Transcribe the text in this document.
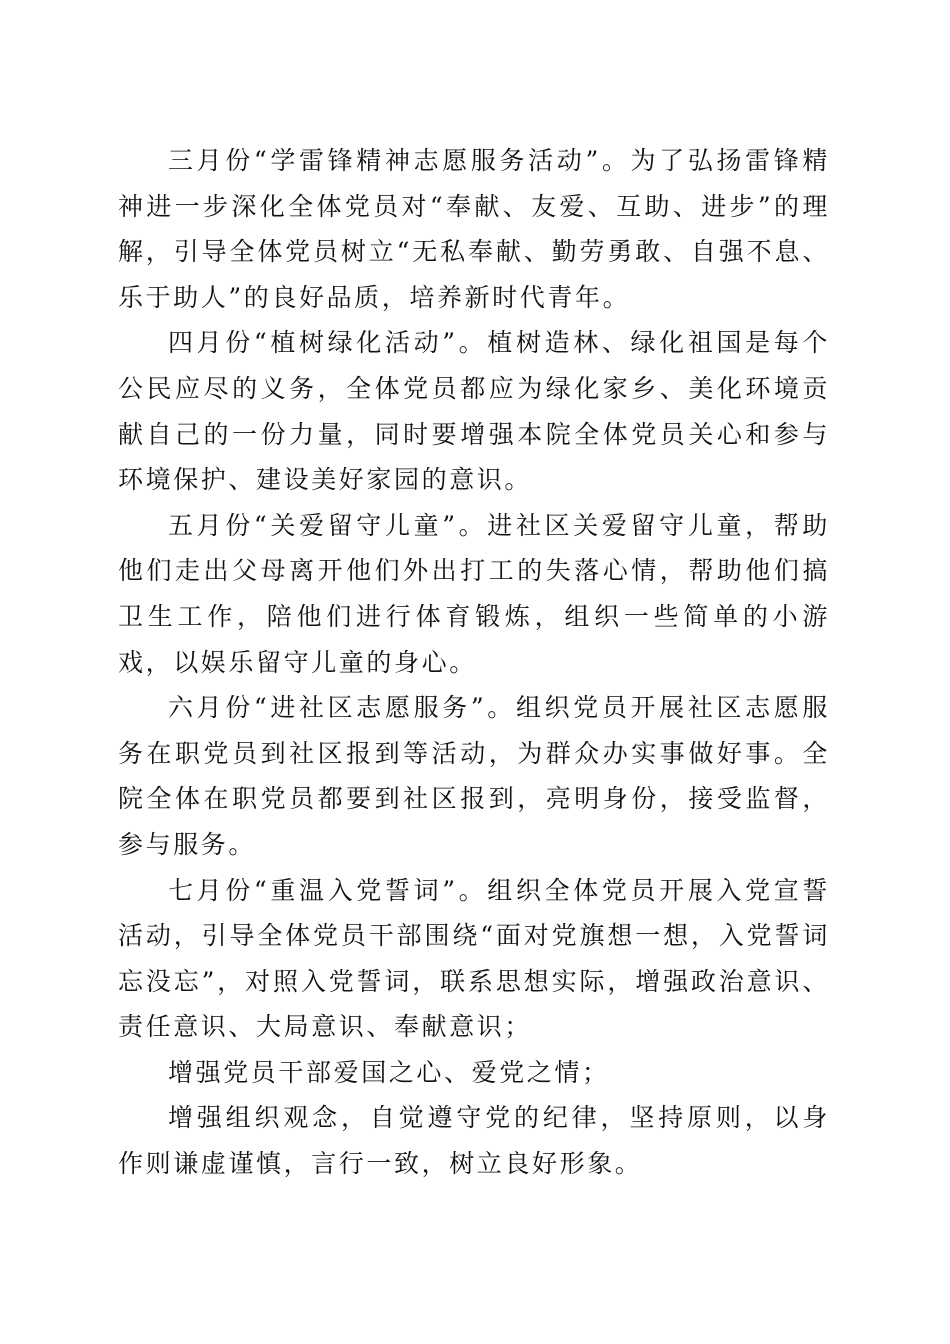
三月份“学雷锋精神志愿服务活动”。为了弘扬雷锋精神进一步深化全体党员对“奉献、友爱、互助、进步”的理解，引导全体党员树立“无私奉献、勤劳勇敢、自强不息、乐于助人”的良好品质，培养新时代青年。

四月份“植树绿化活动”。植树造林、绿化祖国是每个公民应尽的义务，全体党员都应为绿化家乡、美化环境贡献自己的一份力量，同时要增强本院全体党员关心和参与环境保护、建设美好家园的意识。

五月份“关爱留守儿童”。进社区关爱留守儿童，帮助他们走出父母离开他们外出打工的失落心情，帮助他们搞卫生工作，陪他们进行体育锻炼，组织一些简单的小游戏，以娱乐留守儿童的身心。

六月份“进社区志愿服务”。组织党员开展社区志愿服务在职党员到社区报到等活动，为群众办实事做好事。全院全体在职党员都要到社区报到，亮明身份，接受监督，参与服务。

七月份“重温入党誓词”。组织全体党员开展入党宣誓活动，引导全体党员干部围绕“面对党旗想一想，入党誓词忘没忘”，对照入党誓词，联系思想实际，增强政治意识、责任意识、大局意识、奉献意识；

增强党员干部爱国之心、爱党之情；

增强组织观念，自觉遵守党的纪律，坚持原则，以身作则谦虚谨慎，言行一致，树立良好形象。
